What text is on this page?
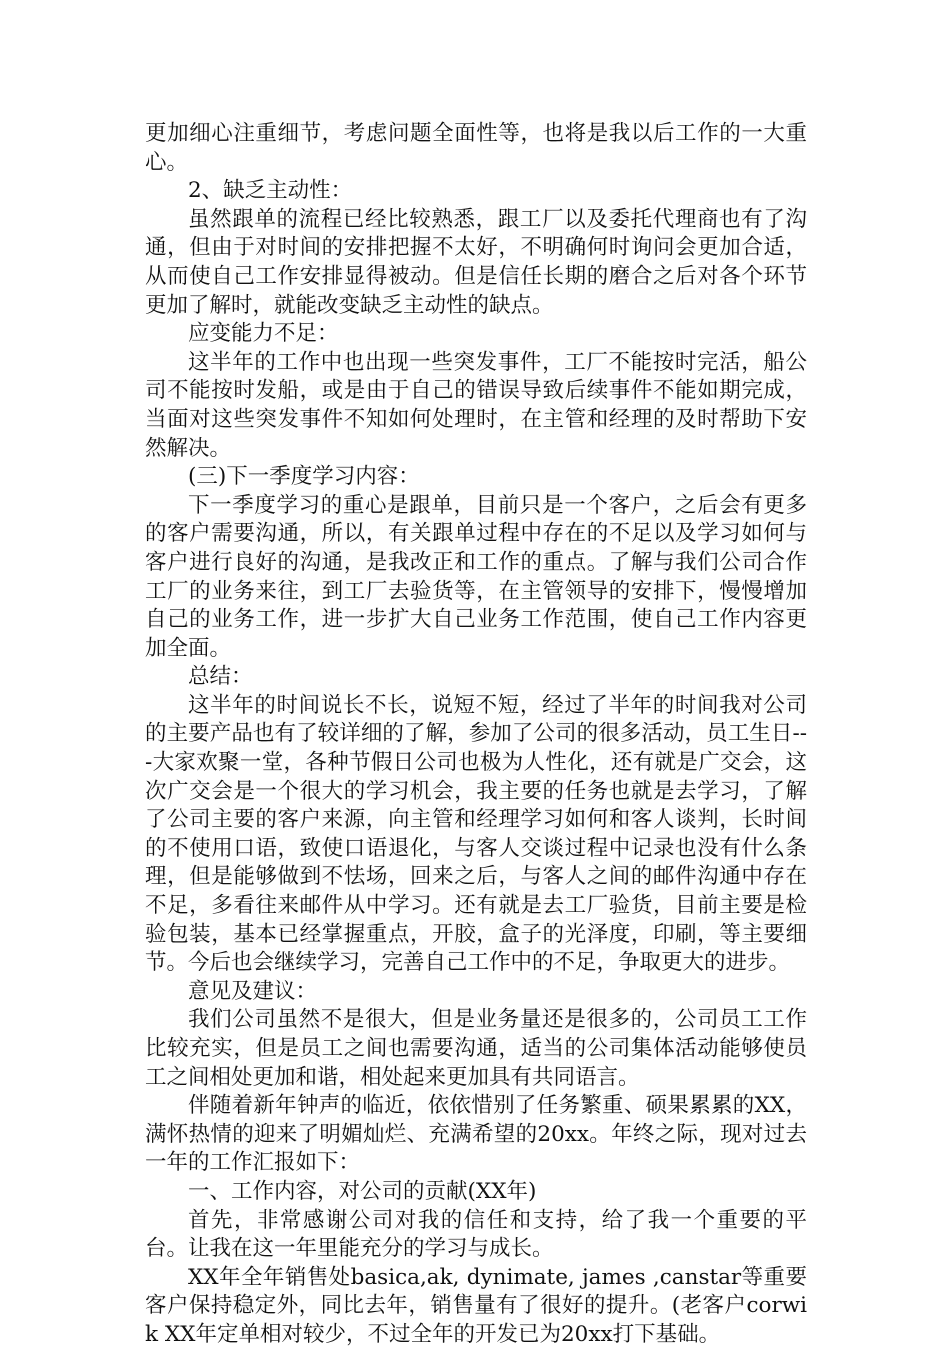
更加细心注重细节，考虑问题全面性等，也将是我以后工作的一大重心。

2、缺乏主动性：

虽然跟单的流程已经比较熟悉，跟工厂以及委托代理商也有了沟通，但由于对时间的安排把握不太好，不明确何时询问会更加合适，从而使自己工作安排显得被动。但是信任长期的磨合之后对各个环节更加了解时，就能改变缺乏主动性的缺点。

应变能力不足：

这半年的工作中也出现一些突发事件，工厂不能按时完活，船公司不能按时发船，或是由于自己的错误导致后续事件不能如期完成，当面对这些突发事件不知如何处理时，在主管和经理的及时帮助下安然解决。

(三)下一季度学习内容：

下一季度学习的重心是跟单，目前只是一个客户，之后会有更多的客户需要沟通，所以，有关跟单过程中存在的不足以及学习如何与客户进行良好的沟通，是我改正和工作的重点。了解与我们公司合作工厂的业务来往，到工厂去验货等，在主管领导的安排下，慢慢增加自己的业务工作，进一步扩大自己业务工作范围，使自己工作内容更加全面。

总结：

这半年的时间说长不长，说短不短，经过了半年的时间我对公司的主要产品也有了较详细的了解，参加了公司的很多活动，员工生日---大家欢聚一堂，各种节假日公司也极为人性化，还有就是广交会，这次广交会是一个很大的学习机会，我主要的任务也就是去学习，了解了公司主要的客户来源，向主管和经理学习如何和客人谈判，长时间的不使用口语，致使口语退化，与客人交谈过程中记录也没有什么条理，但是能够做到不怯场，回来之后，与客人之间的邮件沟通中存在不足，多看往来邮件从中学习。还有就是去工厂验货，目前主要是检验包装，基本已经掌握重点，开胶，盒子的光泽度，印刷，等主要细节。今后也会继续学习，完善自己工作中的不足，争取更大的进步。

意见及建议：

我们公司虽然不是很大，但是业务量还是很多的，公司员工工作比较充实，但是员工之间也需要沟通，适当的公司集体活动能够使员工之间相处更加和谐，相处起来更加具有共同语言。

伴随着新年钟声的临近，依依惜别了任务繁重、硕果累累的XX，满怀热情的迎来了明媚灿烂、充满希望的20xx。年终之际，现对过去一年的工作汇报如下：

一、工作内容，对公司的贡献(XX年)

首先，非常感谢公司对我的信任和支持，给了我一个重要的平台。让我在这一年里能充分的学习与成长。

XX年全年销售处basica,ak, dynimate, james ,canstar等重要客户保持稳定外，同比去年，销售量有了很好的提升。(老客户corwik XX年定单相对较少，不过全年的开发已为20xx打下基础。
